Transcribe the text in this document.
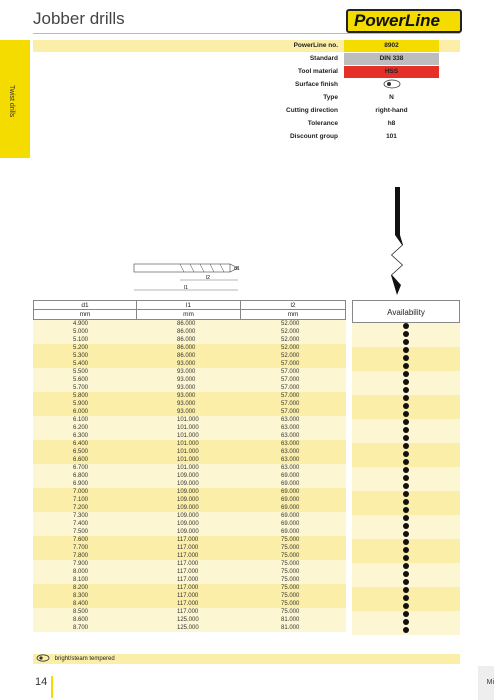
Jobber drills	PowerLine
Twist drills
PowerLine no.	8902
Standard	DIN 338
Tool material	HSS
Surface finish
Type	N
Cutting direction	right-hand
Tolerance	h8
Discount group	101
d1
l2
l1
d1	l1	l2
mm	mm	mm
4.900	86.000	52.000
5.000	86.000	52.000
5.100	86.000	52.000
5.200	86.000	52.000
5.300	86.000	52.000
5.400	93.000	57.000
5.500	93.000	57.000
5.600	93.000	57.000
5.700	93.000	57.000
5.800	93.000	57.000
5.900	93.000	57.000
6.000	93.000	57.000
6.100	101.000	63.000
6.200	101.000	63.000
6.300	101.000	63.000
6.400	101.000	63.000
6.500	101.000	63.000
6.600	101.000	63.000
6.700	101.000	63.000
6.800	109.000	69.000
6.900	109.000	69.000
7.000	109.000	69.000
7.100	109.000	69.000
7.200	109.000	69.000
7.300	109.000	69.000
7.400	109.000	69.000
7.500	109.000	69.000
7.600	117.000	75.000
7.700	117.000	75.000
7.800	117.000	75.000
7.900	117.000	75.000
8.000	117.000	75.000
8.100	117.000	75.000
8.200	117.000	75.000
8.300	117.000	75.000
8.400	117.000	75.000
8.500	117.000	75.000
8.600	125.000	81.000
8.700	125.000	81.000
Availability
bright/steam tempered
14	Mi
